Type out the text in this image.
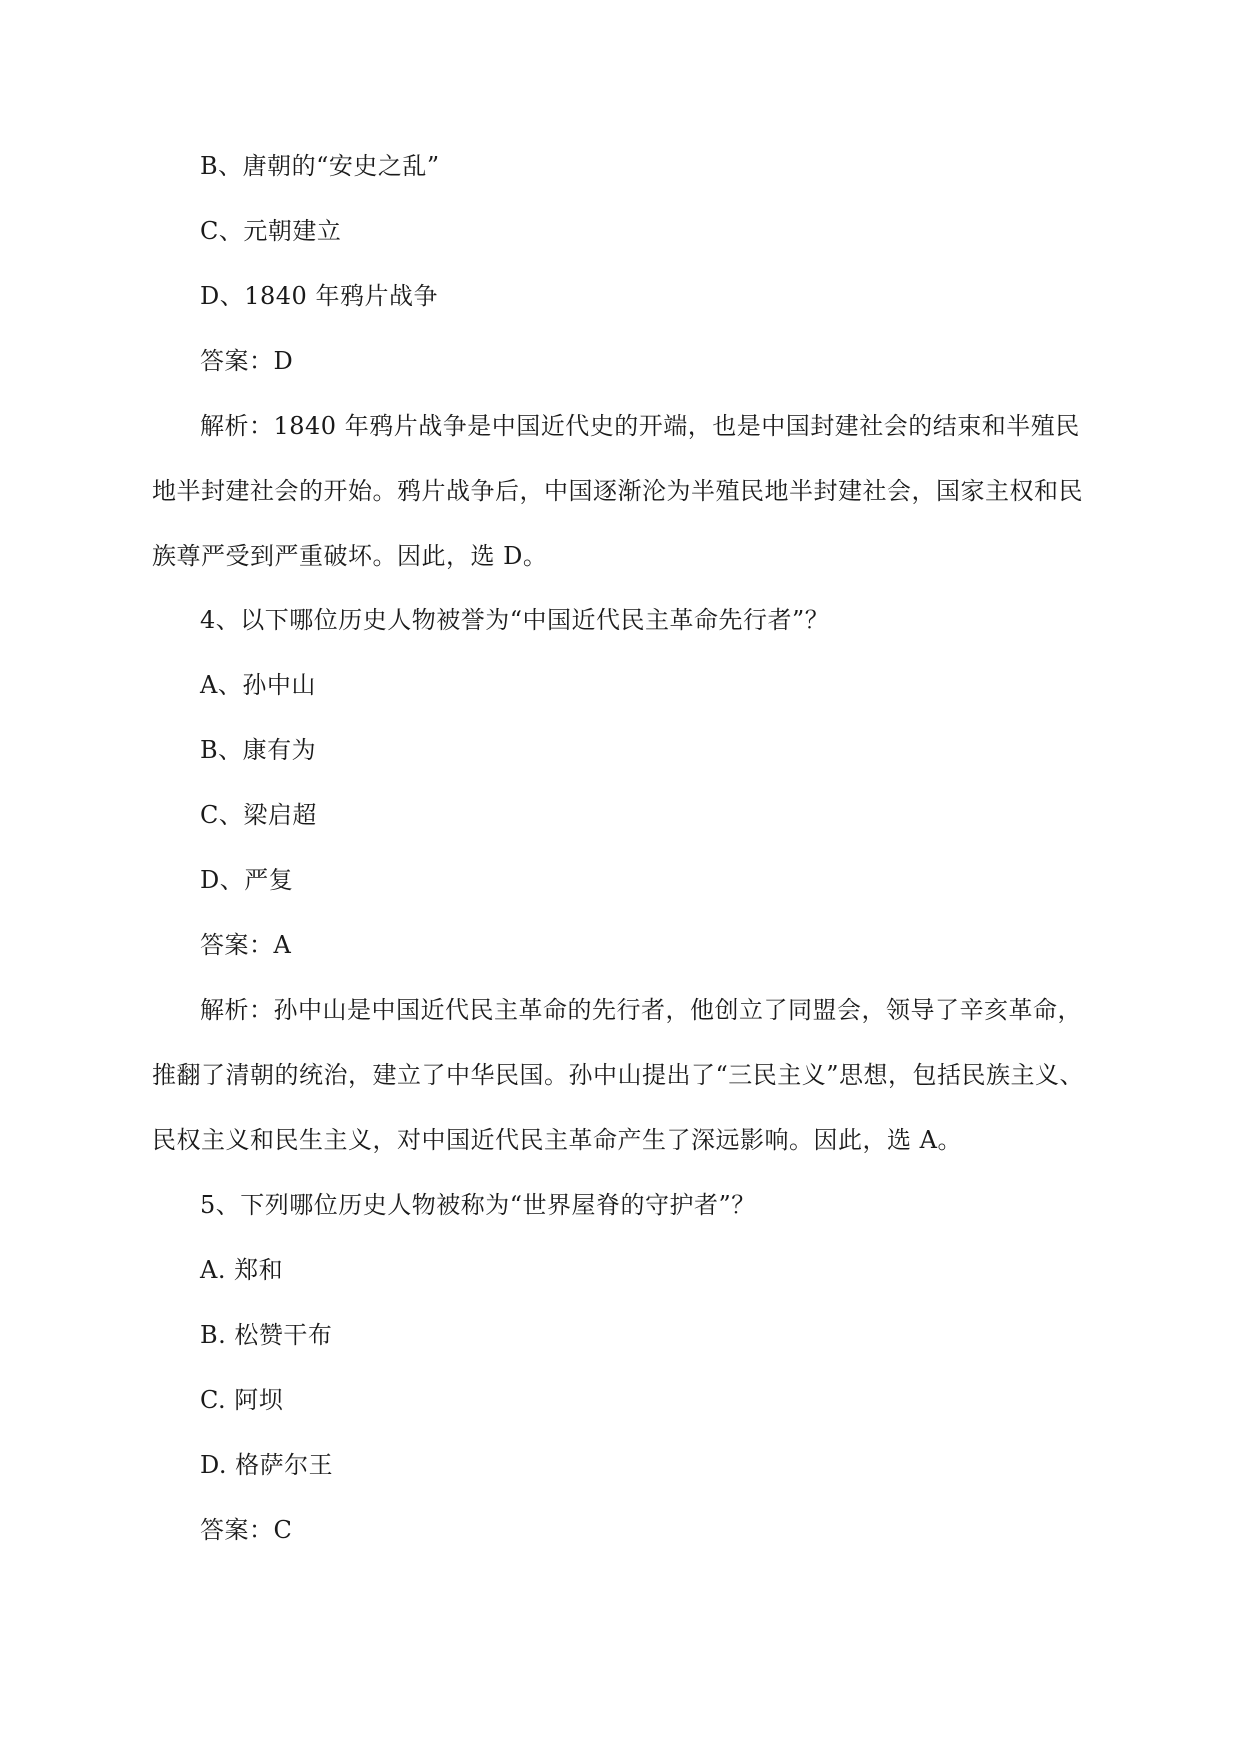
B、唐朝的“安史之乱”
C、元朝建立
D、1840 年鸦片战争
答案：D
解析：1840 年鸦片战争是中国近代史的开端，也是中国封建社会的结束和半殖民
地半封建社会的开始。鸦片战争后，中国逐渐沦为半殖民地半封建社会，国家主权和民
族尊严受到严重破坏。因此，选 D。
4、以下哪位历史人物被誉为“中国近代民主革命先行者”？
A、孙中山
B、康有为
C、梁启超
D、严复
答案：A
解析：孙中山是中国近代民主革命的先行者，他创立了同盟会，领导了辛亥革命，
推翻了清朝的统治，建立了中华民国。孙中山提出了“三民主义”思想，包括民族主义、
民权主义和民生主义，对中国近代民主革命产生了深远影响。因此，选 A。
5、下列哪位历史人物被称为“世界屋脊的守护者”？
A. 郑和
B. 松赞干布
C. 阿坝
D. 格萨尔王
答案：C
